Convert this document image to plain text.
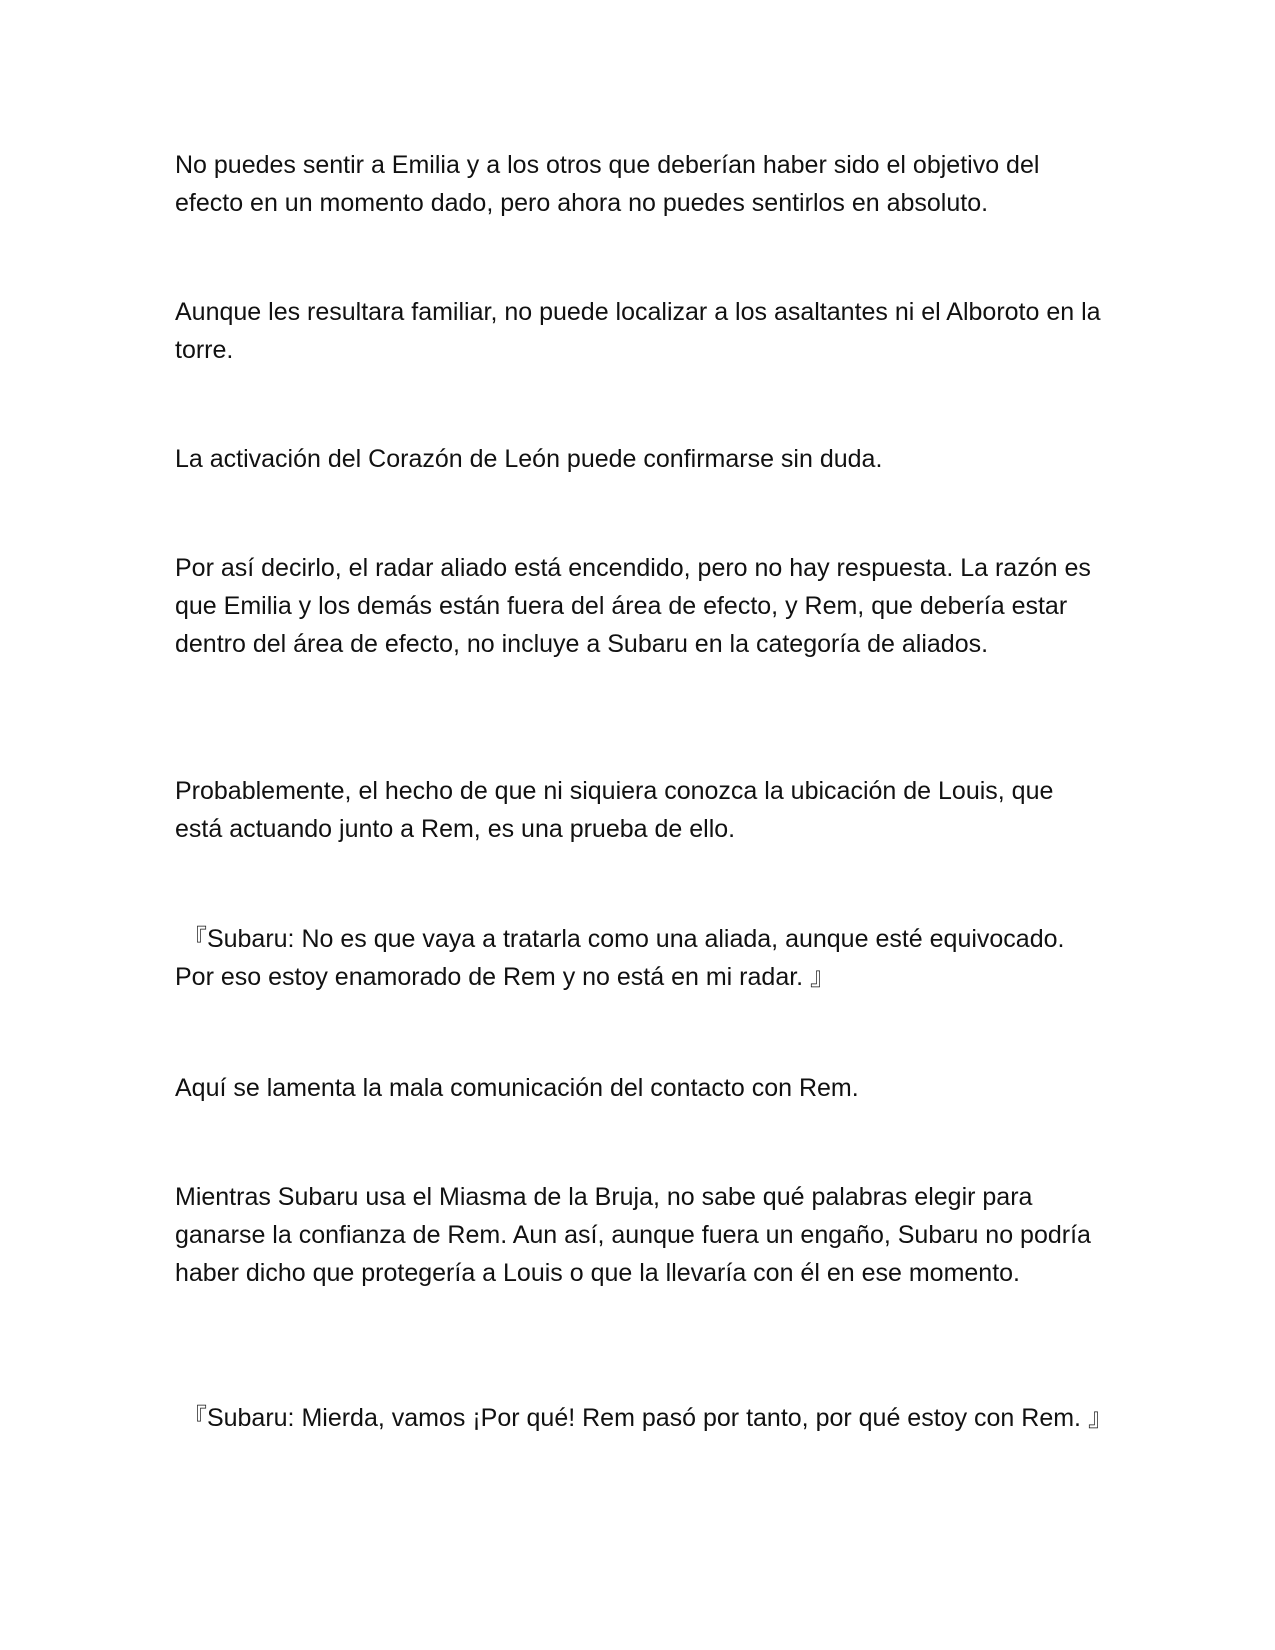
No puedes sentir a Emilia y a los otros que deberían haber sido el objetivo del efecto en un momento dado, pero ahora no puedes sentirlos en absoluto.

Aunque les resultara familiar, no puede localizar a los asaltantes ni el Alboroto en la torre.

La activación del Corazón de León puede confirmarse sin duda.

Por así decirlo, el radar aliado está encendido, pero no hay respuesta. La razón es que Emilia y los demás están fuera del área de efecto, y Rem, que debería estar dentro del área de efecto, no incluye a Subaru en la categoría de aliados.

Probablemente, el hecho de que ni siquiera conozca la ubicación de Louis, que está actuando junto a Rem, es una prueba de ello.

『Subaru: No es que vaya a tratarla como una aliada, aunque esté equivocado. Por eso estoy enamorado de Rem y no está en mi radar. 』

Aquí se lamenta la mala comunicación del contacto con Rem.

Mientras Subaru usa el Miasma de la Bruja, no sabe qué palabras elegir para ganarse la confianza de Rem. Aun así, aunque fuera un engaño, Subaru no podría haber dicho que protegería a Louis o que la llevaría con él en ese momento.

『Subaru: Mierda, vamos ¡Por qué! Rem pasó por tanto, por qué estoy con Rem. 』
